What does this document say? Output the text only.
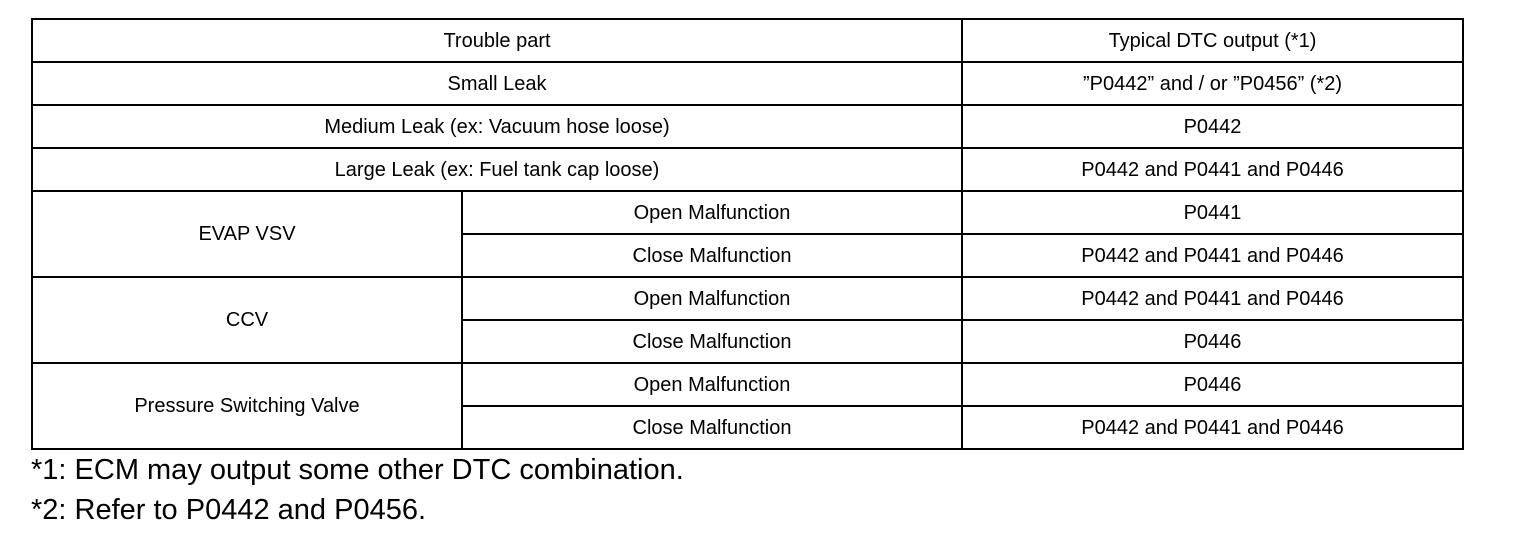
Trouble part		Typical DTC output (*1)
Small Leak		”P0442” and / or ”P0456” (*2)
Medium Leak (ex: Vacuum hose loose)		P0442
Large Leak (ex: Fuel tank cap loose)		P0442 and P0441 and P0446
EVAP VSV	Open Malfunction	P0441
	Close Malfunction	P0442 and P0441 and P0446
CCV	Open Malfunction	P0442 and P0441 and P0446
	Close Malfunction	P0446
Pressure Switching Valve	Open Malfunction	P0446
	Close Malfunction	P0442 and P0441 and P0446
*1: ECM may output some other DTC combination.
*2: Refer to P0442 and P0456.
